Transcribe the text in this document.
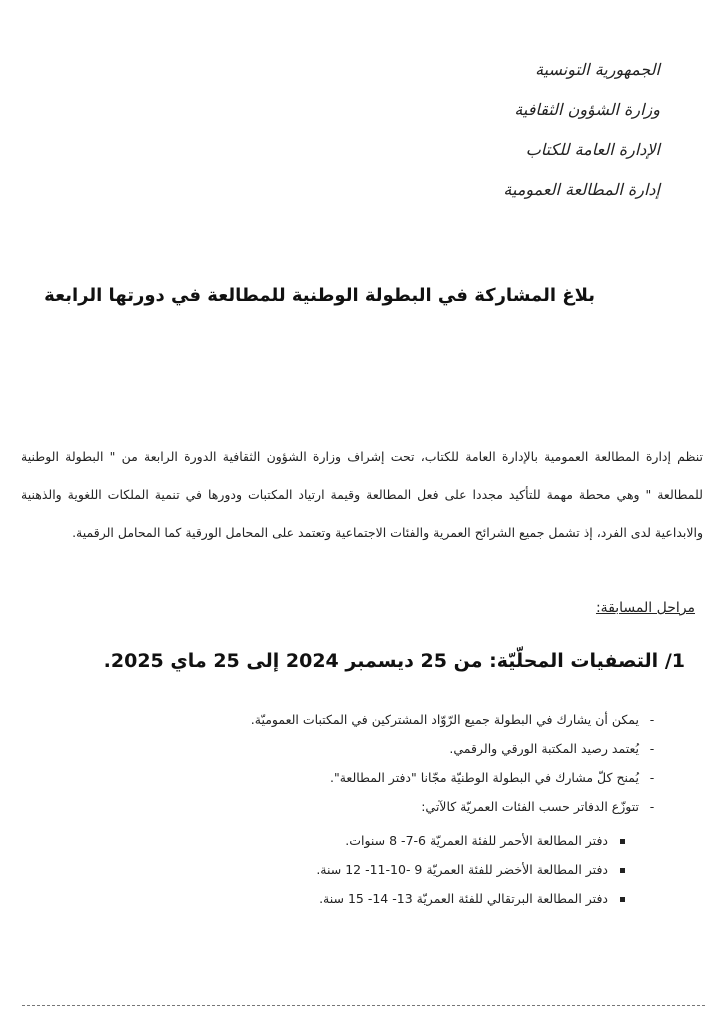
الجمهورية التونسية
وزارة الشؤون الثقافية
الإدارة العامة للكتاب
إدارة المطالعة العمومية
بلاغ المشاركة في البطولة الوطنية للمطالعة في دورتها الرابعة

تنظم إدارة المطالعة العمومية بالإدارة العامة للكتاب، تحت إشراف وزارة الشؤون الثقافية الدورة الرابعة من " البطولة الوطنية للمطالعة " وهي محطة مهمة للتأكيد مجددا على فعل المطالعة وقيمة ارتياد المكتبات ودورها في تنمية الملكات اللغوية والذهنية والابداعية لدى الفرد، إذ تشمل جميع الشرائح العمرية والفئات الاجتماعية وتعتمد على المحامل الورقية كما المحامل الرقمية.

مراحل المسابقة:
1/ التصفيات المحلّيّة: من 25 ديسمبر 2024 إلى 25 ماي 2025.
-يمكن أن يشارك في البطولة جميع الرّوّاد المشتركين في المكتبات العموميّة.
-يُعتمد رصيد المكتبة الورقي والرقمي.
-يُمنح كلّ مشارك في البطولة الوطنيّة مجّانا "دفتر المطالعة".
-تتوزّع الدفاتر حسب الفئات العمريّة كالآتي:
دفتر المطالعة الأحمر للفئة العمريّة 6-7- 8 سنوات.
دفتر المطالعة الأخضر للفئة العمريّة 9 -10-11- 12 سنة.
دفتر المطالعة البرتقالي للفئة العمريّة 13- 14- 15 سنة.
